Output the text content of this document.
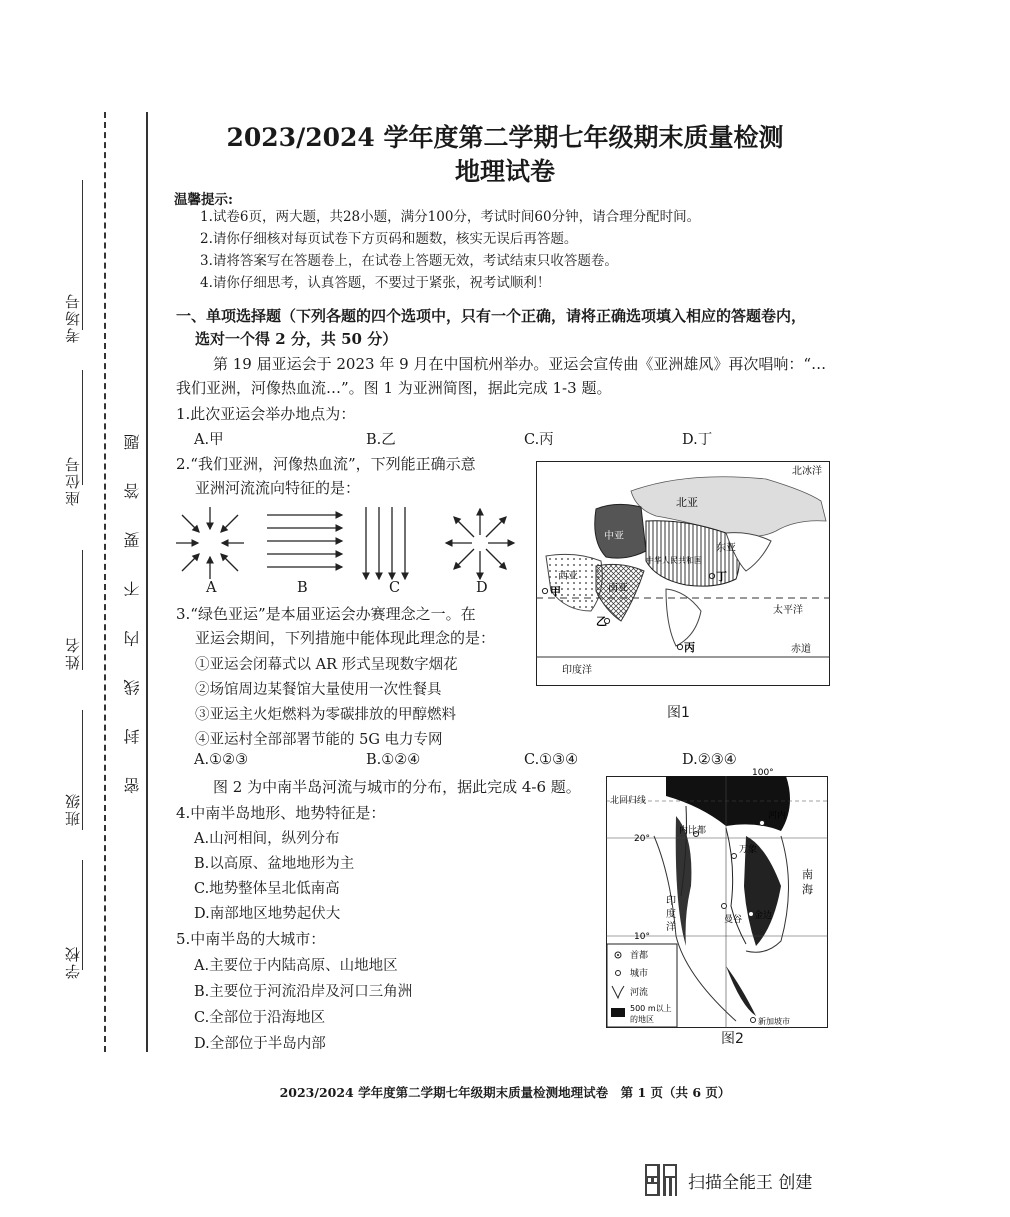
学校
班级
姓名
座位号
考场号
密 封 线 内 不 要 答 题
2023/2024 学年度第二学期七年级期末质量检测
地理试卷
温馨提示:
1.试卷6页，两大题，共28小题，满分100分，考试时间60分钟，请合理分配时间。
2.请你仔细核对每页试卷下方页码和题数，核实无误后再答题。
3.请将答案写在答题卷上，在试卷上答题无效，考试结束只收答题卷。
4.请你仔细思考，认真答题，不要过于紧张，祝考试顺利！
一、单项选择题（下列各题的四个选项中，只有一个正确，请将正确选项填入相应的答题卷内，
选对一个得 2 分，共 50 分）
第 19 届亚运会于 2023 年 9 月在中国杭州举办。亚运会宣传曲《亚洲雄风》再次唱响：“…
我们亚洲，河像热血流…”。图 1 为亚洲简图，据此完成 1-3 题。
1.此次亚运会举办地点为：
A.甲	B.乙	C.丙	D.丁
2.“我们亚洲，河像热血流”，下列能正确示意
亚洲河流流向特征的是：
A	B	C	D
3.“绿色亚运”是本届亚运会办赛理念之一。在
亚运会期间，下列措施中能体现此理念的是：
①亚运会闭幕式以 AR 形式呈现数字烟花
②场馆周边某餐馆大量使用一次性餐具
③亚运主火炬燃料为零碳排放的甲醇燃料
④亚运村全部部署节能的 5G 电力专网
A.①②③	B.①②④	C.①③④	D.②③④
图 2 为中南半岛河流与城市的分布，据此完成 4-6 题。
4.中南半岛地形、地势特征是：
A.山河相间，纵列分布
B.以高原、盆地地形为主
C.地势整体呈北低南高
D.南部地区地势起伏大
5.中南半岛的大城市：
A.主要位于内陆高原、山地地区
B.主要位于河流沿岸及河口三角洲
C.全部位于沿海地区
D.全部位于半岛内部
北冰洋
北亚
中亚
东亚
西亚
中华人民共和国
南亚
甲
乙
丙
丁
太平洋
赤道
印度洋
图1
100°
北回归线
20°
10°
内比都
河内
万象
曼谷 金边
新加坡市
印
度
洋
南
海
首都
城市
河流
500 m以上
的地区
图2
2023/2024 学年度第二学期七年级期末质量检测地理试卷　第 1 页（共 6 页）
扫描全能王 创建
